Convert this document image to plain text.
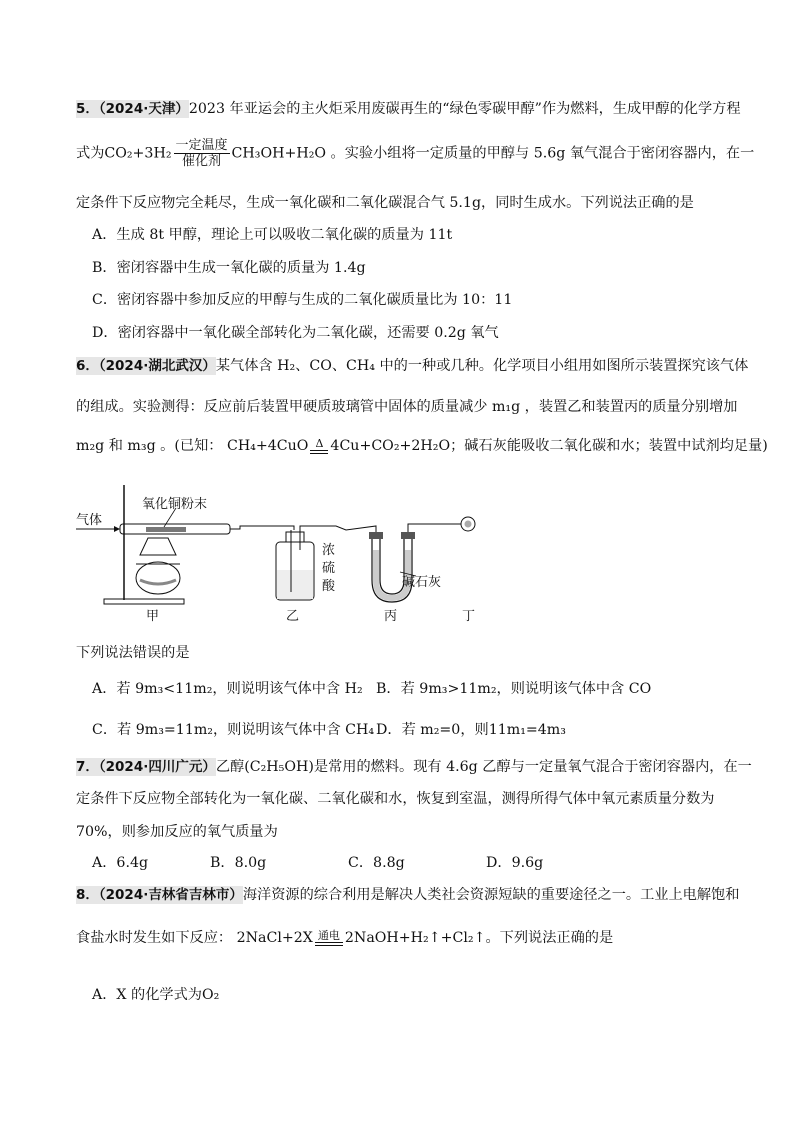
5．（2024·天津）2023 年亚运会的主火炬采用废碳再生的“绿色零碳甲醇”作为燃料，生成甲醇的化学方程
式为$CO_2+3H_2 \frac{\text{一定温度}}{\text{催化剂}} CH_3OH+H_2O$ 。实验小组将一定质量的甲醇与 5.6g 氧气混合于密闭容器内，在一
定条件下反应物完全耗尽，生成一氧化碳和二氧化碳混合气 5.1g，同时生成水。下列说法正确的是
A．生成 8t 甲醇，理论上可以吸收二氧化碳的质量为 11t
B．密闭容器中生成一氧化碳的质量为 1.4g
C．密闭容器中参加反应的甲醇与生成的二氧化碳质量比为 10：11
D．密闭容器中一氧化碳全部转化为二氧化碳，还需要 0.2g 氧气
6．（2024·湖北武汉）某气体含 H₂、CO、CH₄ 中的一种或几种。化学项目小组用如图所示装置探究该气体
的组成。实验测得：反应前后装置甲硬质玻璃管中固体的质量减少 m₁g ，装置乙和装置丙的质量分别增加
m₂g 和 m₃g 。(已知： CH₄+4CuO Δ 4Cu+CO₂+2H₂O；碱石灰能吸收二氧化碳和水；装置中试剂均足量)
气体
氧化铜粉末
浓
硫
酸	碱石灰
甲	乙	丙	丁
下列说法错误的是
A．若 9m₃<11m₂，则说明该气体中含 H₂ B．若 9m₃>11m₂，则说明该气体中含 CO
C．若 9m₃=11m₂，则说明该气体中含 CH₄ D．若 m₂=0，则11m₁=4m₃
7．（2024·四川广元）乙醇(C₂H₅OH)是常用的燃料。现有 4.6g 乙醇与一定量氧气混合于密闭容器内，在一
定条件下反应物全部转化为一氧化碳、二氧化碳和水，恢复到室温，测得所得气体中氧元素质量分数为
70%，则参加反应的氧气质量为
A．6.4g	B．8.0g	C．8.8g	D．9.6g
8．（2024·吉林省吉林市）海洋资源的综合利用是解决人类社会资源短缺的重要途径之一。工业上电解饱和
食盐水时发生如下反应： 2NaCl+2X 通电 2NaOH+H₂↑+Cl₂↑。下列说法正确的是
A．X 的化学式为O₂
